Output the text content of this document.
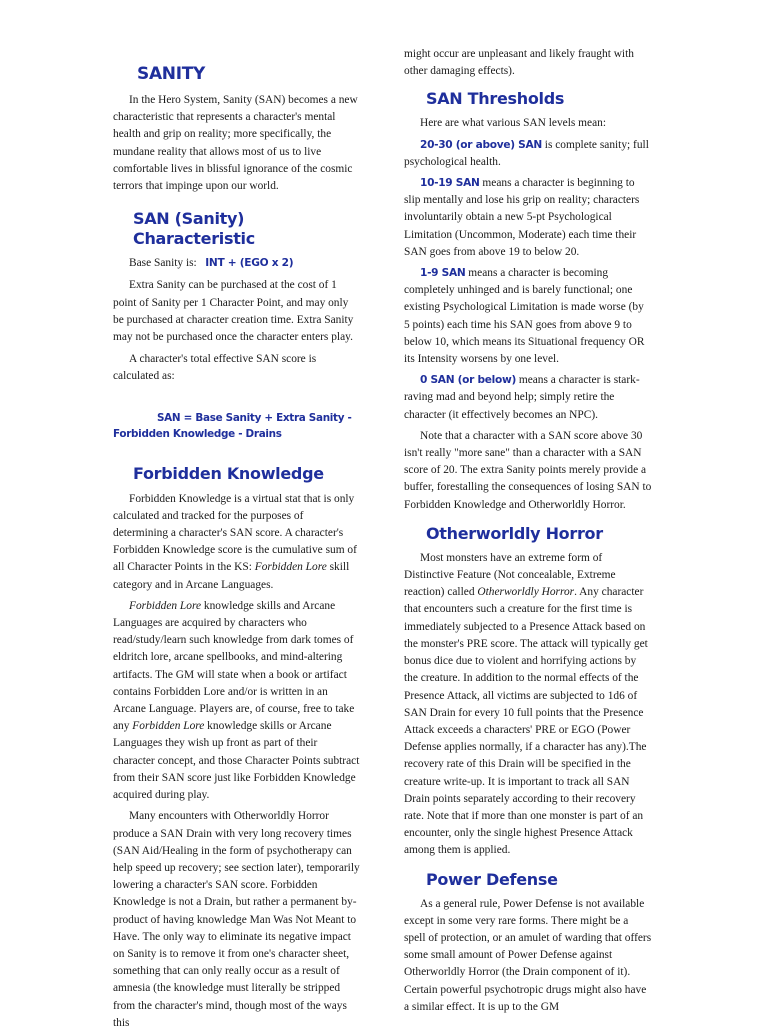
SANITY

In the Hero System, Sanity (SAN) becomes a new characteristic that represents a character's mental health and grip on reality; more specifically, the mundane reality that allows most of us to live comfortable lives in blissful ignorance of the cosmic terrors that impinge upon our world.

SAN (Sanity) Characteristic

Base Sanity is: INT + (EGO x 2)

Extra Sanity can be purchased at the cost of 1 point of Sanity per 1 Character Point, and may only be purchased at character creation time. Extra Sanity may not be purchased once the character enters play.

A character's total effective SAN score is calculated as:

SAN = Base Sanity + Extra Sanity -
Forbidden Knowledge - Drains
Forbidden Knowledge

Forbidden Knowledge is a virtual stat that is only calculated and tracked for the purposes of determining a character's SAN score. A character's Forbidden Knowledge score is the cumulative sum of all Character Points in the KS: Forbidden Lore skill category and in Arcane Languages.

Forbidden Lore knowledge skills and Arcane Languages are acquired by characters who read/study/learn such knowledge from dark tomes of eldritch lore, arcane spellbooks, and mind-altering artifacts. The GM will state when a book or artifact contains Forbidden Lore and/or is written in an Arcane Language. Players are, of course, free to take any Forbidden Lore knowledge skills or Arcane Languages they wish up front as part of their character concept, and those Character Points subtract from their SAN score just like Forbidden Knowledge acquired during play.

Many encounters with Otherworldly Horror produce a SAN Drain with very long recovery times (SAN Aid/Healing in the form of psychotherapy can help speed up recovery; see section later), temporarily lowering a character's SAN score. Forbidden Knowledge is not a Drain, but rather a permanent by-product of having knowledge Man Was Not Meant to Have. The only way to eliminate its negative impact on Sanity is to remove it from one's character sheet, something that can only really occur as a result of amnesia (the knowledge must literally be stripped from the character's mind, though most of the ways this

might occur are unpleasant and likely fraught with other damaging effects).

SAN Thresholds

Here are what various SAN levels mean:

20-30 (or above) SAN is complete sanity; full psychological health.

10-19 SAN means a character is beginning to slip mentally and lose his grip on reality; characters involuntarily obtain a new 5-pt Psychological Limitation (Uncommon, Moderate) each time their SAN goes from above 19 to below 20.

1-9 SAN means a character is becoming completely unhinged and is barely functional; one existing Psychological Limitation is made worse (by 5 points) each time his SAN goes from above 9 to below 10, which means its Situational frequency OR its Intensity worsens by one level.

0 SAN (or below) means a character is stark-raving mad and beyond help; simply retire the character (it effectively becomes an NPC).

Note that a character with a SAN score above 30 isn't really "more sane" than a character with a SAN score of 20. The extra Sanity points merely provide a buffer, forestalling the consequences of losing SAN to Forbidden Knowledge and Otherworldly Horror.

Otherworldly Horror

Most monsters have an extreme form of Distinctive Feature (Not concealable, Extreme reaction) called Otherworldly Horror. Any character that encounters such a creature for the first time is immediately subjected to a Presence Attack based on the monster's PRE score. The attack will typically get bonus dice due to violent and horrifying actions by the creature. In addition to the normal effects of the Presence Attack, all victims are subjected to 1d6 of SAN Drain for every 10 full points that the Presence Attack exceeds a characters' PRE or EGO (Power Defense applies normally, if a character has any).The recovery rate of this Drain will be specified in the creature write-up. It is important to track all SAN Drain points separately according to their recovery rate. Note that if more than one monster is part of an encounter, only the single highest Presence Attack among them is applied.

Power Defense

As a general rule, Power Defense is not available except in some very rare forms. There might be a spell of protection, or an amulet of warding that offers some small amount of Power Defense against Otherworldly Horror (the Drain component of it). Certain powerful psychotropic drugs might also have a similar effect. It is up to the GM
